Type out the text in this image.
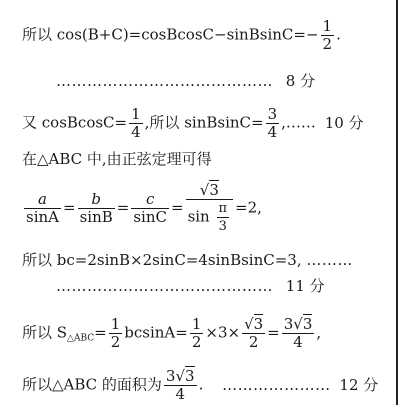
所以 cos(B+C)=cosBcosC−sinBsinC=− $\frac{1}{2}$ .
…………………………………… 8 分
又 cosBcosC= $\frac{1}{4}$ ,所以 sinBsinC= $\frac{3}{4}$ ,…… 10 分
在△ABC 中,由正弦定理可得
$\frac{a}{\sin A} = \frac{b}{\sin B} = \frac{c}{\sin C} = \frac{√3}{\sin \frac{\pi}{3}} =2$,
所以 bc=2sinB×2sinC=4sinBsinC=3, ………
…………………………………… 11 分
所以 $S_{\triangle ABC}= \frac{1}{2} bcsinA= \frac{1}{2} \times 3\times \frac{√3}{2} = \frac{3√3}{4}$ ,
所以△ABC 的面积为 $\frac{3√3}{4}$ . ………………… 12 分
